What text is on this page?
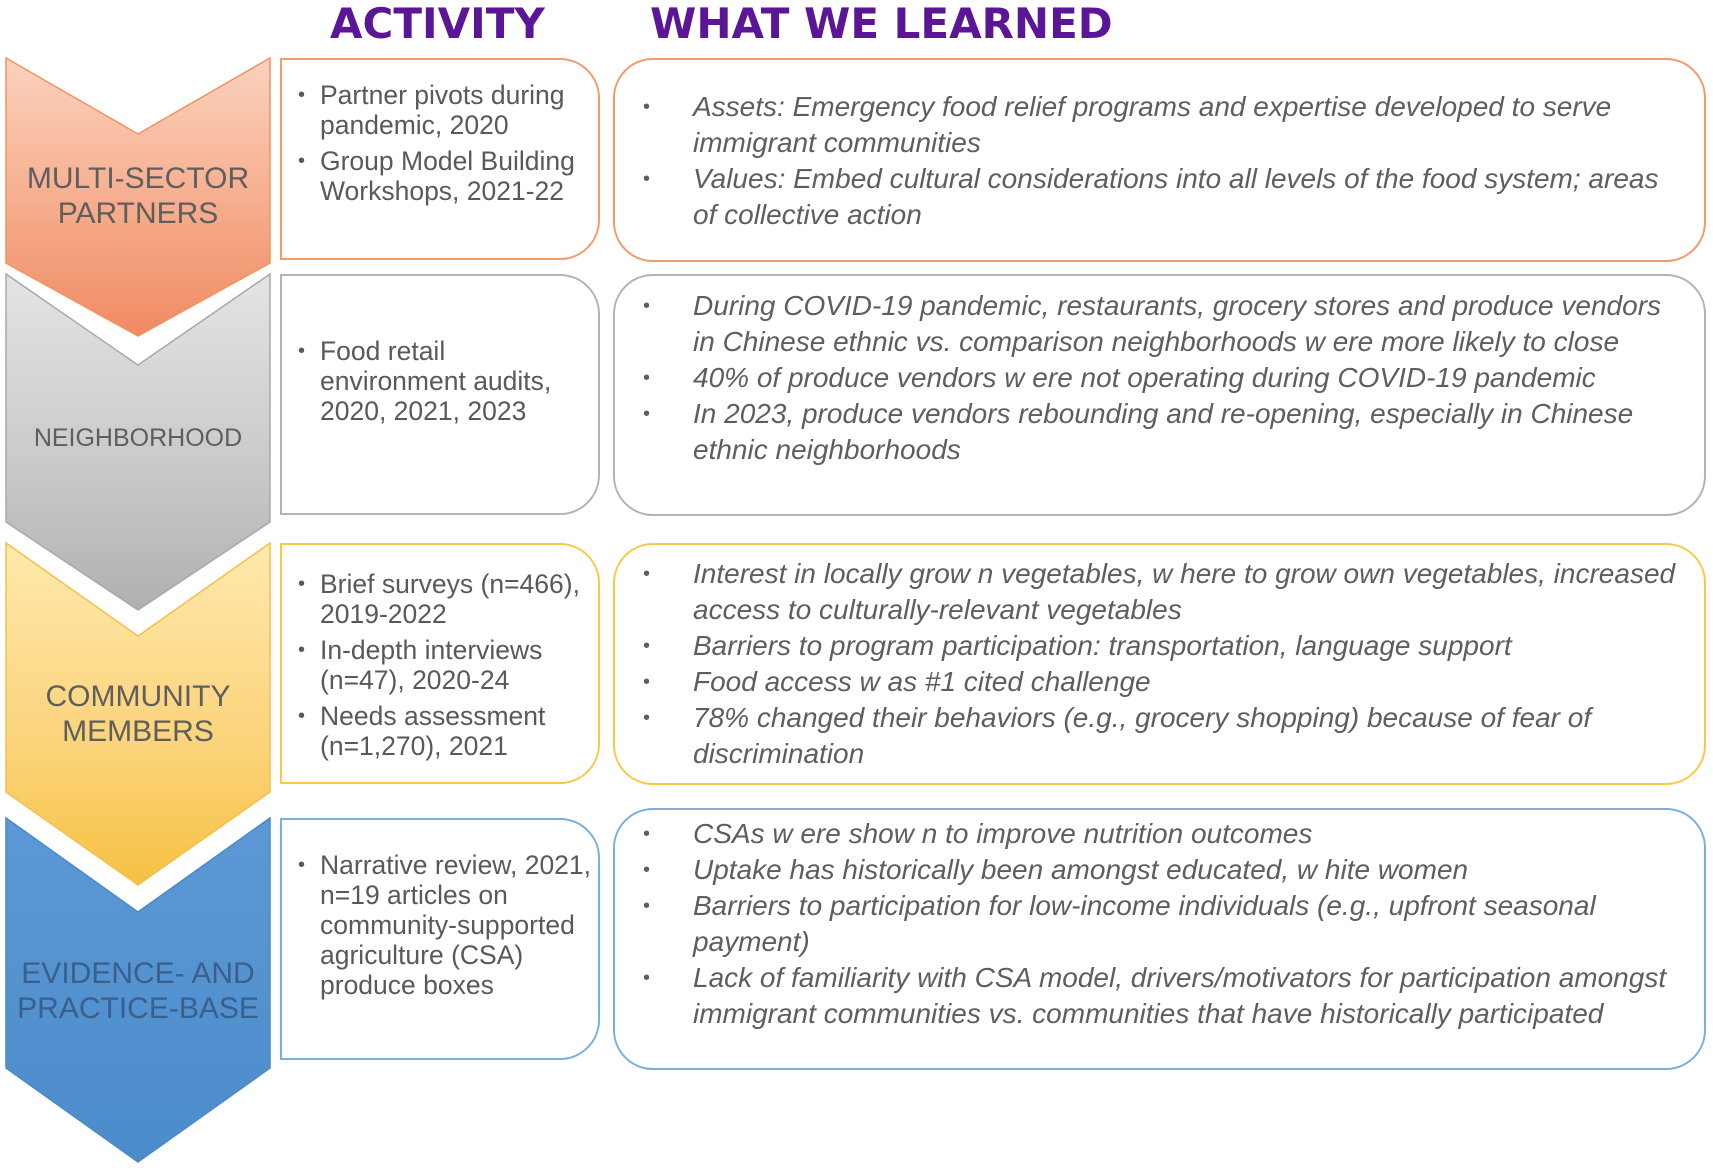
ACTIVITY	WHAT WE LEARNED
MULTI-SECTOR
PARTNERS
NEIGHBORHOOD
COMMUNITY
MEMBERS
EVIDENCE- AND
PRACTICE-BASE
• Partner pivots during pandemic, 2020
• Group Model Building Workshops, 2021-22
• Assets: Emergency food relief programs and expertise developed to serve immigrant communities
• Values: Embed cultural considerations into all levels of the food system; areas of collective action
• Food retail environment audits, 2020, 2021, 2023
• During COVID-19 pandemic, restaurants, grocery stores and produce vendors in Chinese ethnic vs. comparison neighborhoods w ere more likely to close
• 40% of produce vendors w ere not operating during COVID-19 pandemic
• In 2023, produce vendors rebounding and re-opening, especially in Chinese ethnic neighborhoods
• Brief surveys (n=466), 2019-2022
• In-depth interviews (n=47), 2020-24
• Needs assessment (n=1,270), 2021
• Interest in locally grow n vegetables, w here to grow own vegetables, increased access to culturally-relevant vegetables
• Barriers to program participation: transportation, language support
• Food access w as #1 cited challenge
• 78% changed their behaviors (e.g., grocery shopping) because of fear of discrimination
• Narrative review, 2021, n=19 articles on community-supported agriculture (CSA) produce boxes
• CSAs w ere show n to improve nutrition outcomes
• Uptake has historically been amongst educated, w hite women
• Barriers to participation for low-income individuals (e.g., upfront seasonal payment)
• Lack of familiarity with CSA model, drivers/motivators for participation amongst immigrant communities vs. communities that have historically participated
